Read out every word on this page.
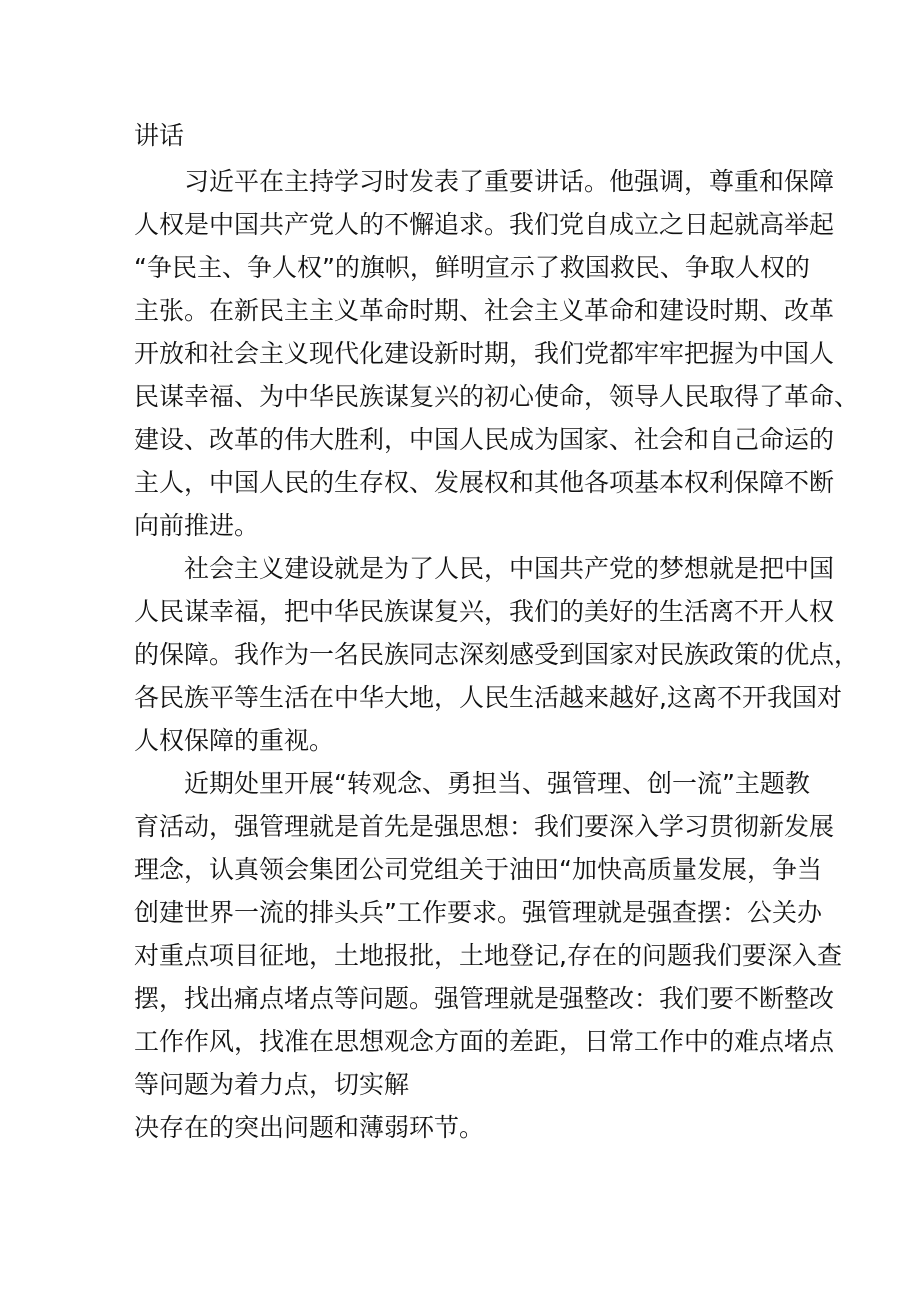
讲话

习近平在主持学习时发表了重要讲话。他强调，尊重和保障

人权是中国共产党人的不懈追求。我们党自成立之日起就高举起

“争民主、争人权”的旗帜，鲜明宣示了救国救民、争取人权的

主张。在新民主主义革命时期、社会主义革命和建设时期、改革

开放和社会主义现代化建设新时期，我们党都牢牢把握为中国人

民谋幸福、为中华民族谋复兴的初心使命，领导人民取得了革命、

建设、改革的伟大胜利，中国人民成为国家、社会和自己命运的

主人，中国人民的生存权、发展权和其他各项基本权利保障不断

向前推进。

社会主义建设就是为了人民，中国共产党的梦想就是把中国

人民谋幸福，把中华民族谋复兴，我们的美好的生活离不开人权

的保障。我作为一名民族同志深刻感受到国家对民族政策的优点，

各民族平等生活在中华大地，人民生活越来越好,这离不开我国对

人权保障的重视。

近期处里开展“转观念、勇担当、强管理、创一流”主题教

育活动，强管理就是首先是强思想：我们要深入学习贯彻新发展

理念，认真领会集团公司党组关于油田“加快高质量发展，争当

创建世界一流的排头兵”工作要求。强管理就是强查摆：公关办

对重点项目征地，土地报批，土地登记,存在的问题我们要深入查

摆，找出痛点堵点等问题。强管理就是强整改：我们要不断整改

工作作风，找准在思想观念方面的差距，日常工作中的难点堵点

等问题为着力点，切实解

决存在的突出问题和薄弱环节。
